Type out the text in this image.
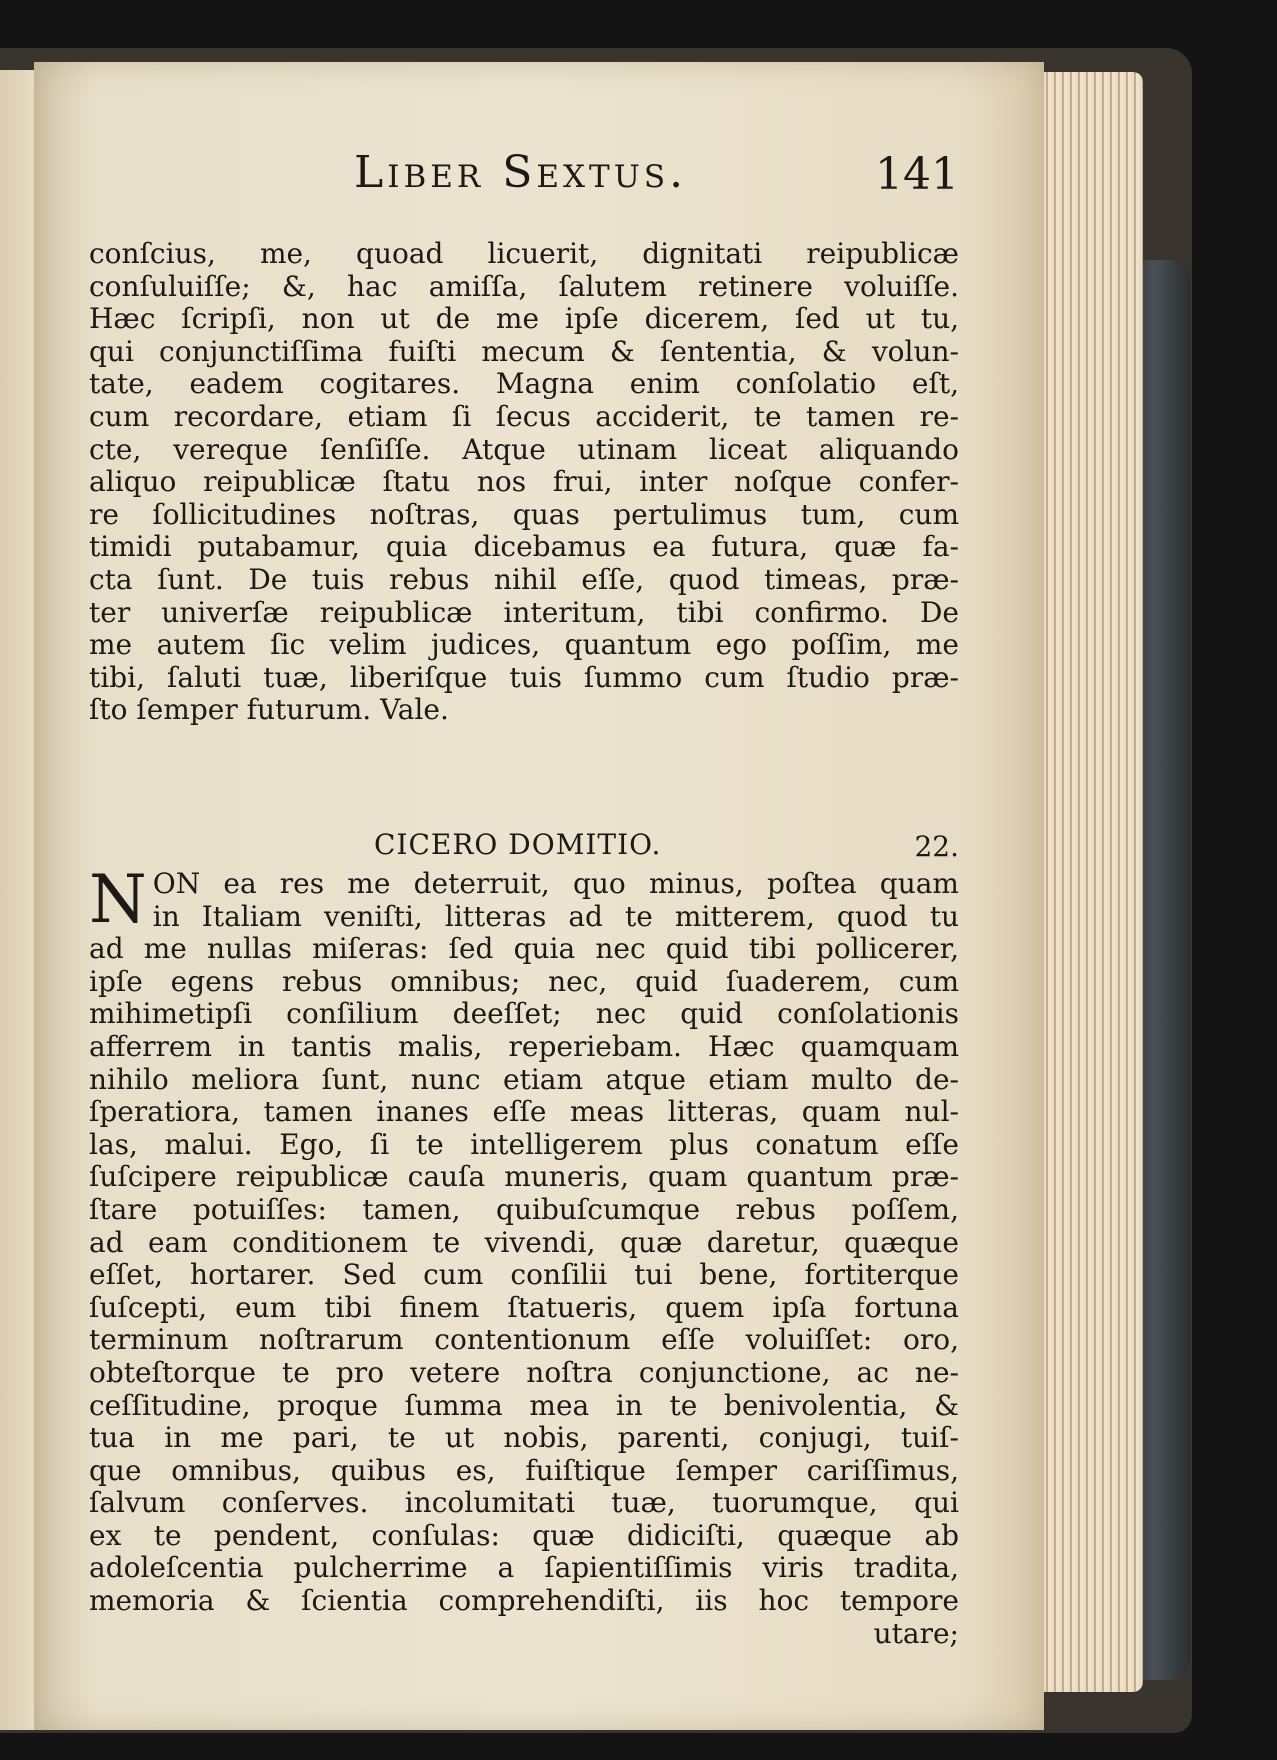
Liber Sextus.	141
conſcius, me, quoad licuerit, dignitati reipublicæ
conſuluiſſe; &, hac amiſſa, ſalutem retinere voluiſſe.
Hæc ſcripſi, non ut de me ipſe dicerem, ſed ut tu,
qui conjunctiſſima fuiſti mecum & ſententia, & volun-
tate, eadem cogitares. Magna enim conſolatio eſt,
cum recordare, etiam ſi ſecus acciderit, te tamen re-
cte, vereque ſenſiſſe. Atque utinam liceat aliquando
aliquo reipublicæ ſtatu nos frui, inter noſque confer-
re ſollicitudines noſtras, quas pertulimus tum, cum
timidi putabamur, quia dicebamus ea futura, quæ fa-
cta ſunt. De tuis rebus nihil eſſe, quod timeas, præ-
ter univerſæ reipublicæ interitum, tibi confirmo. De
me autem ſic velim judices, quantum ego poſſim, me
tibi, ſaluti tuæ, liberiſque tuis ſummo cum ſtudio præ-
ſto ſemper futurum. Vale.
CICERO DOMITIO.	22.
N ON ea res me deterruit, quo minus, poſtea quam
in Italiam veniſti, litteras ad te mitterem, quod tu
ad me nullas miſeras: ſed quia nec quid tibi pollicerer,
ipſe egens rebus omnibus; nec, quid ſuaderem, cum
mihimetipſi conſilium deeſſet; nec quid conſolationis
afferrem in tantis malis, reperiebam. Hæc quamquam
nihilo meliora ſunt, nunc etiam atque etiam multo de-
ſperatiora, tamen inanes eſſe meas litteras, quam nul-
las, malui. Ego, ſi te intelligerem plus conatum eſſe
ſuſcipere reipublicæ cauſa muneris, quam quantum præ-
ſtare potuiſſes: tamen, quibuſcumque rebus poſſem,
ad eam conditionem te vivendi, quæ daretur, quæque
eſſet, hortarer. Sed cum conſilii tui bene, fortiterque
ſuſcepti, eum tibi finem ſtatueris, quem ipſa fortuna
terminum noſtrarum contentionum eſſe voluiſſet: oro,
obteſtorque te pro vetere noſtra conjunctione, ac ne-
ceſſitudine, proque ſumma mea in te benivolentia, &
tua in me pari, te ut nobis, parenti, conjugi, tuiſ-
que omnibus, quibus es, fuiſtique ſemper cariſſimus,
ſalvum conſerves. incolumitati tuæ, tuorumque, qui
ex te pendent, conſulas: quæ didiciſti, quæque ab
adoleſcentia pulcherrime a ſapientiſſimis viris tradita,
memoria & ſcientia comprehendiſti, iis hoc tempore
utare;
